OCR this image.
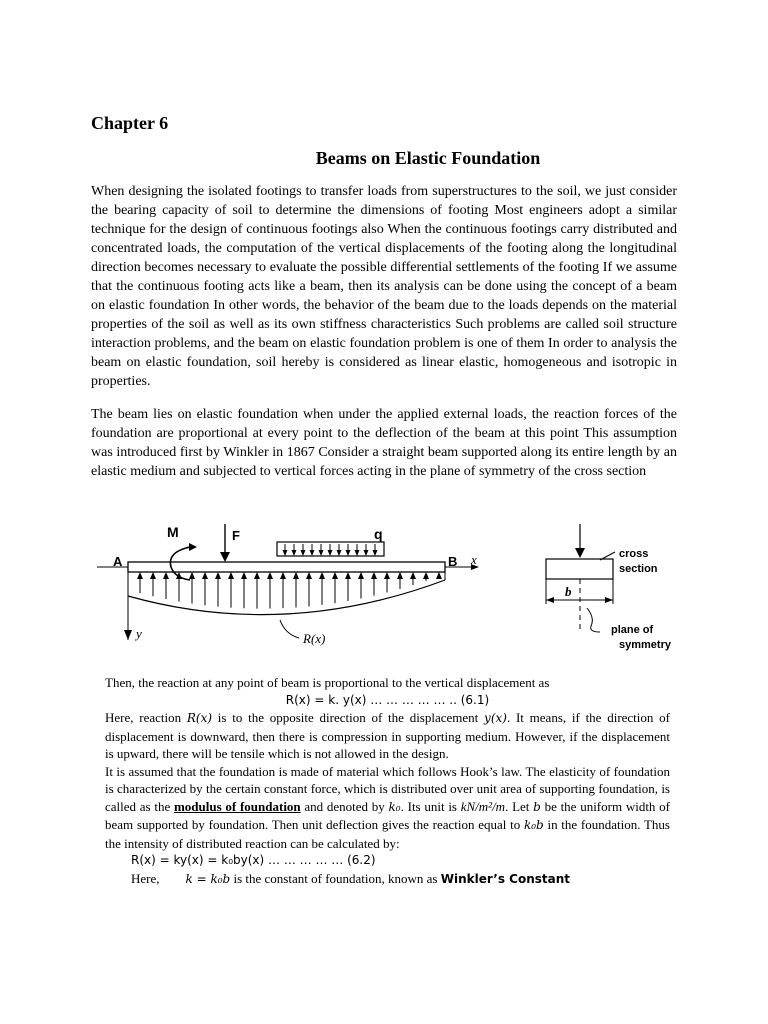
Chapter 6
Beams on Elastic Foundation

When designing the isolated footings to transfer loads from superstructures to the soil, we just consider the bearing capacity of soil to determine the dimensions of footing Most engineers adopt a similar technique for the design of continuous footings also When the continuous footings carry distributed and concentrated loads, the computation of the vertical displacements of the footing along the longitudinal direction becomes necessary to evaluate the possible differential settlements of the footing If we assume that the continuous footing acts like a beam, then its analysis can be done using the concept of a beam on elastic foundation In other words, the behavior of the beam due to the loads depends on the material properties of the soil as well as its own stiffness characteristics Such problems are called soil structure interaction problems, and the beam on elastic foundation problem is one of them In order to analysis the beam on elastic foundation, soil hereby is considered as linear elastic, homogeneous and isotropic in properties.

The beam lies on elastic foundation when under the applied external loads, the reaction forces of the foundation are proportional at every point to the deflection of the beam at this point This assumption was introduced first by Winkler in 1867 Consider a straight beam supported along its entire length by an elastic medium and subjected to vertical forces acting in the plane of symmetry of the cross section

M	F	q
A	B x
y	R(x)
b
cross
section
plane of
symmetry

Then, the reaction at any point of beam is proportional to the vertical displacement as

R(x) = k. y(x) … … … … … .. (6.1)

Here, reaction R(x) is to the opposite direction of the displacement y(x). It means, if the direction of displacement is downward, then there is compression in supporting medium. However, if the displacement is upward, there will be tensile which is not allowed in the design.

It is assumed that the foundation is made of material which follows Hook’s law. The elasticity of foundation is characterized by the certain constant force, which is distributed over unit area of supporting foundation, is called as the modulus of foundation and denoted by k₀. Its unit is kN/m²/m. Let b be the uniform width of beam supported by foundation. Then unit deflection gives the reaction equal to k₀b in the foundation. Thus the intensity of distributed reaction can be calculated by:

R(x) = ky(x) = k₀by(x) … … … … … (6.2)
Here,        k = k₀b is the constant of foundation, known as Winkler’s Constant
